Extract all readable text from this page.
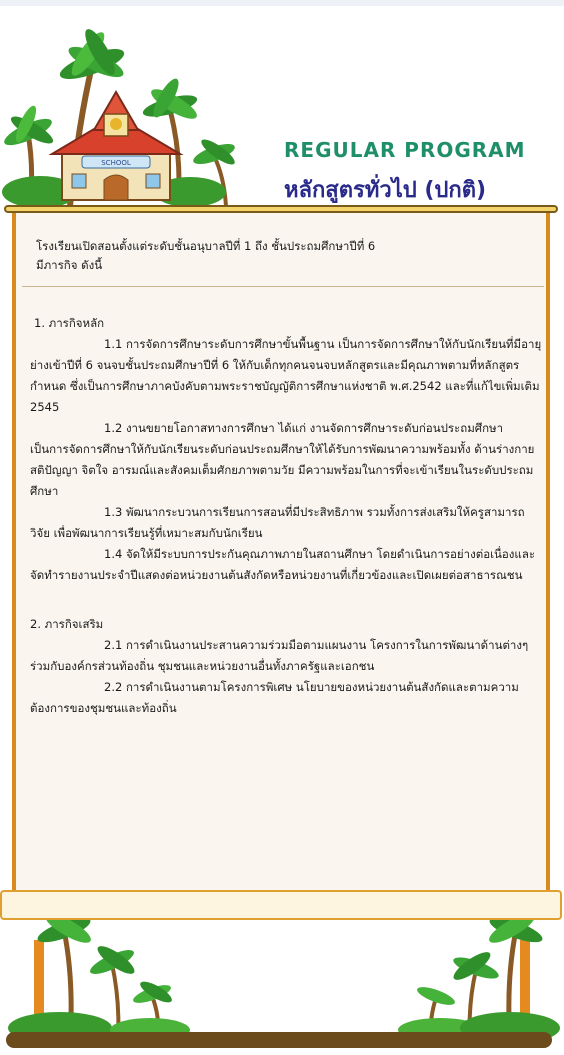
SCHOOL
REGULAR PROGRAM
หลักสูตรทั่วไป (ปกติ)
โรงเรียนเปิดสอนตั้งแต่ระดับชั้นอนุบาลปีที่ 1 ถึง ชั้นประถมศึกษาปีที่ 6
มีภารกิจ ดังนี้

1. ภารกิจหลัก

1.1 การจัดการศึกษาระดับการศึกษาขั้นพื้นฐาน เป็นการจัดการศึกษาให้กับนักเรียนที่มีอายุย่างเข้าปีที่ 6 จนจบชั้นประถมศึกษาปีที่ 6 ให้กับเด็กทุกคนจนจบหลักสูตรและมีคุณภาพตามที่หลักสูตรกำหนด ซึ่งเป็นการศึกษาภาคบังคับตามพระราชบัญญัติการศึกษาแห่งชาติ พ.ศ.2542 และที่แก้ไขเพิ่มเติม 2545

1.2 งานขยายโอกาสทางการศึกษา ได้แก่ งานจัดการศึกษาระดับก่อนประถมศึกษา เป็นการจัดการศึกษาให้กับนักเรียนระดับก่อนประถมศึกษาให้ได้รับการพัฒนาความพร้อมทั้ง ด้านร่างกาย สติปัญญา จิตใจ อารมณ์และสังคมเต็มศักยภาพตามวัย มีความพร้อมในการที่จะเข้าเรียนในระดับประถมศึกษา

1.3 พัฒนากระบวนการเรียนการสอนที่มีประสิทธิภาพ รวมทั้งการส่งเสริมให้ครูสามารถวิจัย เพื่อพัฒนาการเรียนรู้ที่เหมาะสมกับนักเรียน

1.4 จัดให้มีระบบการประกันคุณภาพภายในสถานศึกษา โดยดำเนินการอย่างต่อเนื่องและจัดทำรายงานประจำปีแสดงต่อหน่วยงานต้นสังกัดหรือหน่วยงานที่เกี่ยวข้องและเปิดเผยต่อสาธารณชน

2. ภารกิจเสริม

2.1 การดำเนินงานประสานความร่วมมือตามแผนงาน โครงการในการพัฒนาด้านต่างๆ ร่วมกับองค์กรส่วนท้องถิ่น ชุมชนและหน่วยงานอื่นทั้งภาครัฐและเอกชน

2.2 การดำเนินงานตามโครงการพิเศษ นโยบายของหน่วยงานต้นสังกัดและตามความต้องการของชุมชนและท้องถิ่น
